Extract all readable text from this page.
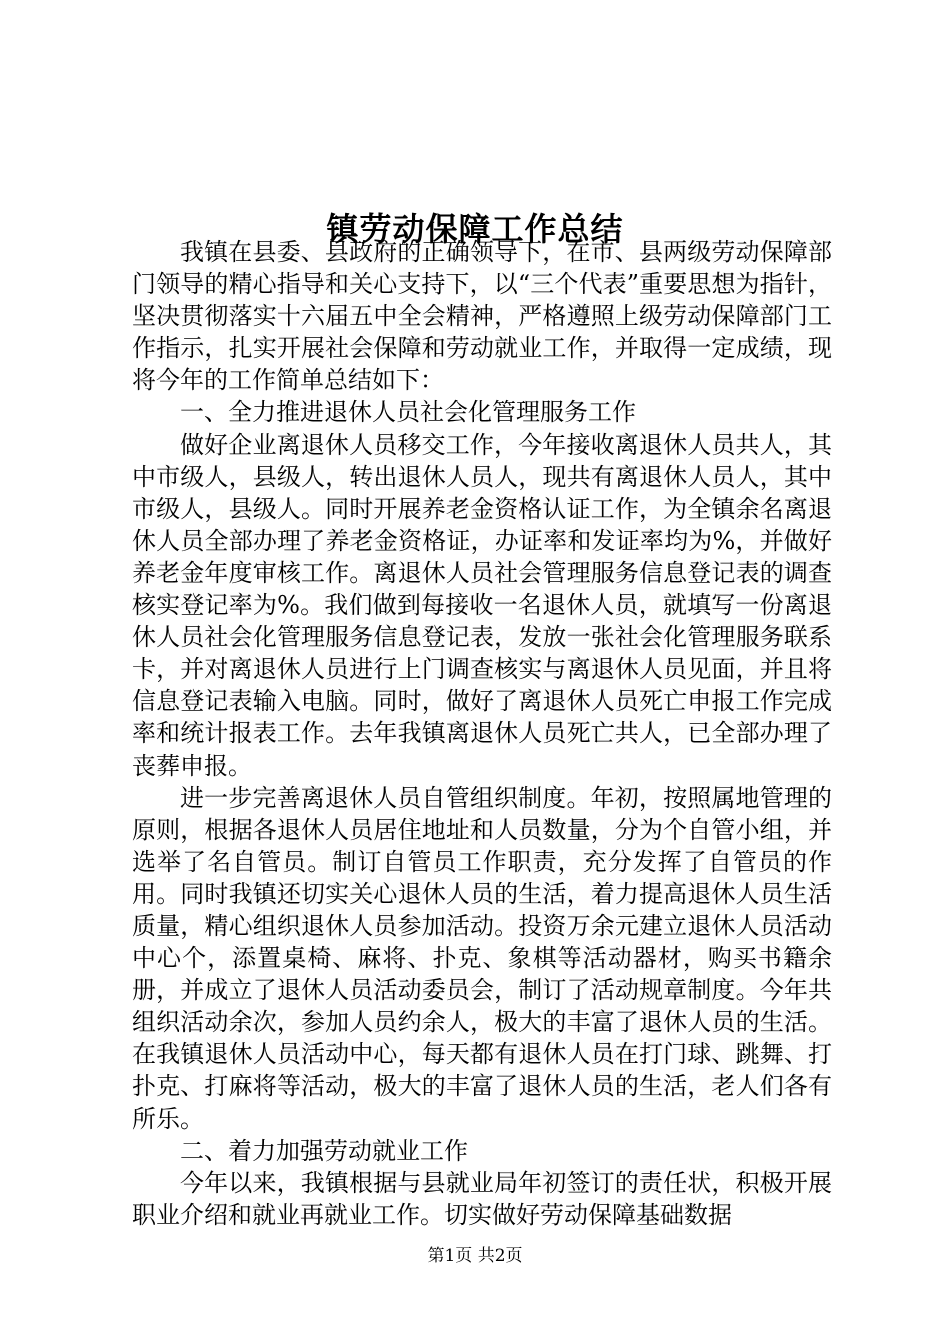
镇劳动保障工作总结

我镇在县委、县政府的正确领导下，在市、县两级劳动保障部门领导的精心指导和关心支持下，以“三个代表”重要思想为指针，坚决贯彻落实十六届五中全会精神，严格遵照上级劳动保障部门工作指示，扎实开展社会保障和劳动就业工作，并取得一定成绩，现将今年的工作简单总结如下：

一、全力推进退休人员社会化管理服务工作

做好企业离退休人员移交工作，今年接收离退休人员共人，其中市级人，县级人，转出退休人员人，现共有离退休人员人，其中市级人，县级人。同时开展养老金资格认证工作，为全镇余名离退休人员全部办理了养老金资格证，办证率和发证率均为%，并做好养老金年度审核工作。离退休人员社会管理服务信息登记表的调查核实登记率为%。我们做到每接收一名退休人员，就填写一份离退休人员社会化管理服务信息登记表，发放一张社会化管理服务联系卡，并对离退休人员进行上门调查核实与离退休人员见面，并且将信息登记表输入电脑。同时，做好了离退休人员死亡申报工作完成率和统计报表工作。去年我镇离退休人员死亡共人，已全部办理了丧葬申报。

进一步完善离退休人员自管组织制度。年初，按照属地管理的原则，根据各退休人员居住地址和人员数量，分为个自管小组，并选举了名自管员。制订自管员工作职责，充分发挥了自管员的作用。同时我镇还切实关心退休人员的生活，着力提高退休人员生活质量，精心组织退休人员参加活动。投资万余元建立退休人员活动中心个，添置桌椅、麻将、扑克、象棋等活动器材，购买书籍余册，并成立了退休人员活动委员会，制订了活动规章制度。今年共组织活动余次，参加人员约余人，极大的丰富了退休人员的生活。在我镇退休人员活动中心，每天都有退休人员在打门球、跳舞、打扑克、打麻将等活动，极大的丰富了退休人员的生活，老人们各有所乐。

二、着力加强劳动就业工作

今年以来，我镇根据与县就业局年初签订的责任状，积极开展职业介绍和就业再就业工作。切实做好劳动保障基础数据

第1页 共2页
